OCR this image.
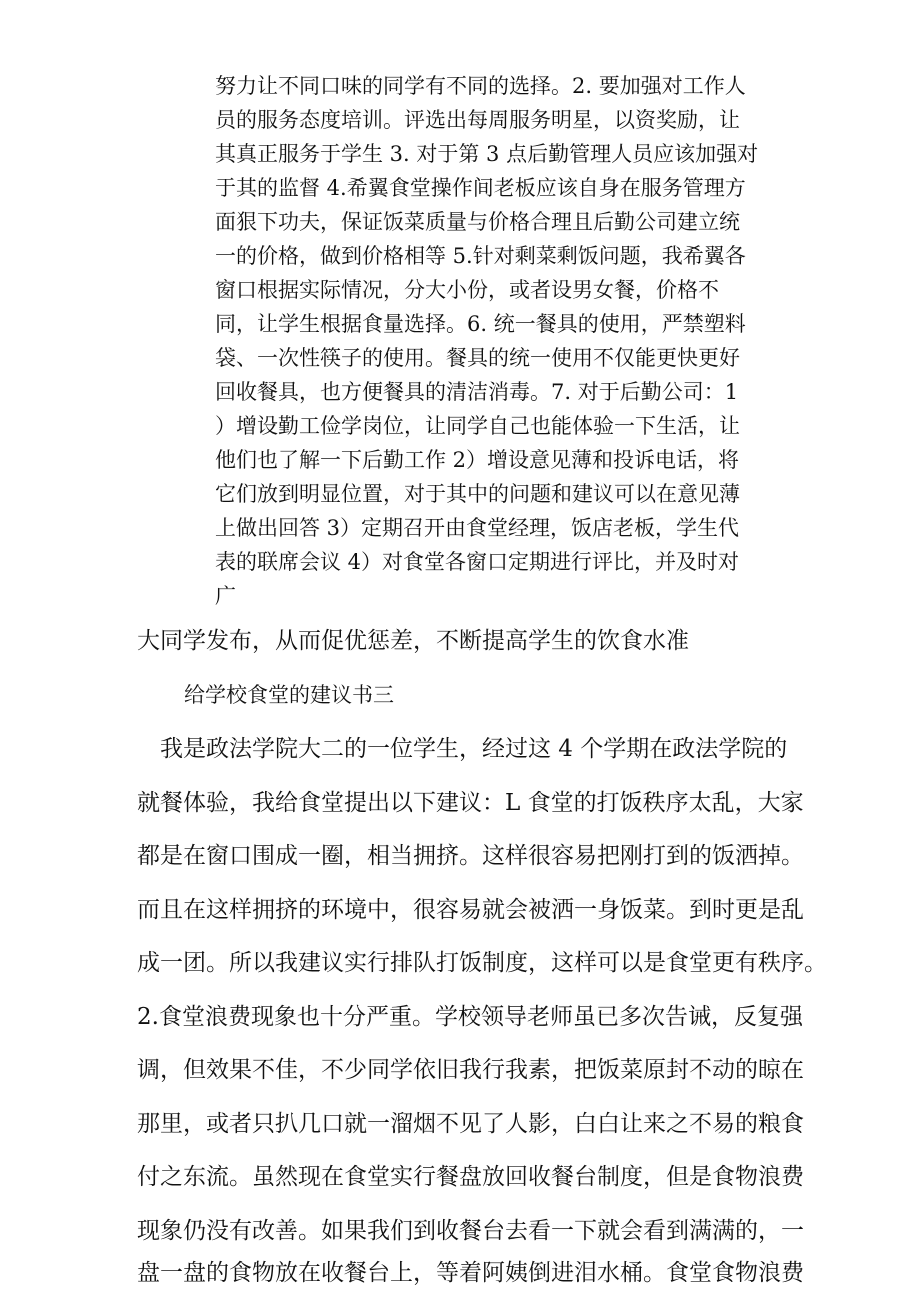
努力让不同口味的同学有不同的选择。2. 要加强对工作人

员的服务态度培训。评选出每周服务明星，以资奖励，让

其真正服务于学生 3. 对于第 3 点后勤管理人员应该加强对

于其的监督 4.希翼食堂操作间老板应该自身在服务管理方

面狠下功夫，保证饭菜质量与价格合理且后勤公司建立统

一的价格，做到价格相等 5.针对剩菜剩饭问题，我希翼各

窗口根据实际情况，分大小份，或者设男女餐，价格不

同，让学生根据食量选择。6. 统一餐具的使用，严禁塑料

袋、一次性筷子的使用。餐具的统一使用不仅能更快更好

回收餐具，也方便餐具的清洁消毒。7. 对于后勤公司：1

）增设勤工俭学岗位，让同学自己也能体验一下生活，让

他们也了解一下后勤工作 2）增设意见薄和投诉电话，将

它们放到明显位置，对于其中的问题和建议可以在意见薄

上做出回答 3）定期召开由食堂经理，饭店老板，学生代

表的联席会议 4）对食堂各窗口定期进行评比，并及时对

广

大同学发布，从而促优惩差，不断提高学生的饮食水准

给学校食堂的建议书三

　我是政法学院大二的一位学生，经过这 4 个学期在政法学院的

就餐体验，我给食堂提出以下建议：L 食堂的打饭秩序太乱，大家

都是在窗口围成一圈，相当拥挤。这样很容易把刚打到的饭洒掉。

而且在这样拥挤的环境中，很容易就会被洒一身饭菜。到时更是乱

成一团。所以我建议实行排队打饭制度，这样可以是食堂更有秩序。

2.食堂浪费现象也十分严重。学校领导老师虽已多次告诫，反复强

调，但效果不佳，不少同学依旧我行我素，把饭菜原封不动的晾在

那里，或者只扒几口就一溜烟不见了人影，白白让来之不易的粮食

付之东流。虽然现在食堂实行餐盘放回收餐台制度，但是食物浪费

现象仍没有改善。如果我们到收餐台去看一下就会看到满满的，一

盘一盘的食物放在收餐台上，等着阿姨倒进泪水桶。食堂食物浪费
